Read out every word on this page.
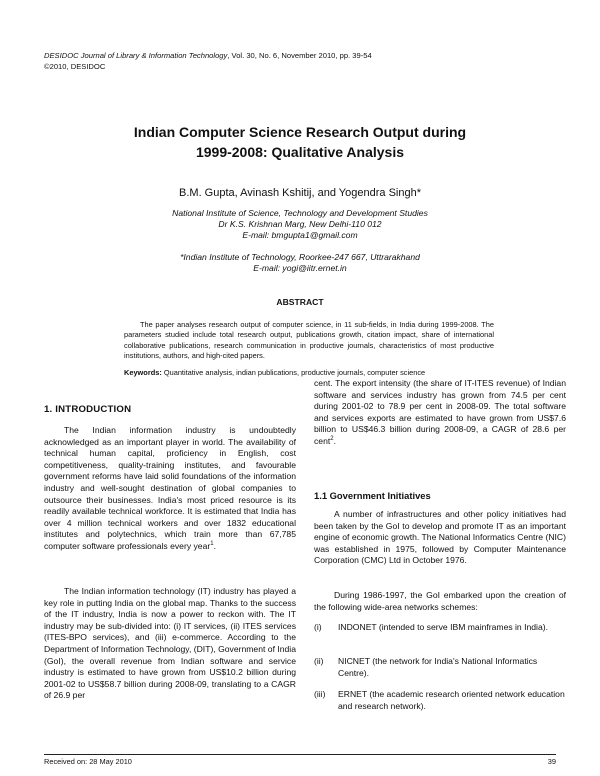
DESIDOC Journal of Library & Information Technology, Vol. 30, No. 6, November 2010, pp. 39-54
©2010, DESIDOC
Indian Computer Science Research Output during
1999-2008: Qualitative Analysis
B.M. Gupta, Avinash Kshitij, and Yogendra Singh*
National Institute of Science, Technology and Development Studies
Dr K.S. Krishnan Marg, New Delhi-110 012
E-mail: bmgupta1@gmail.com
*Indian Institute of Technology, Roorkee-247 667, Uttrarakhand
E-mail: yogi@iitr.ernet.in
ABSTRACT
The paper analyses research output of computer science, in 11 sub-fields, in India during 1999-2008. The parameters studied include total research output, publications growth, citation impact, share of international collaborative publications, research communication in productive journals, characteristics of most productive institutions, authors, and high-cited papers.
Keywords: Quantitative analysis, indian publications, productive journals, computer science
1. INTRODUCTION

The Indian information industry is undoubtedly acknowledged as an important player in world. The availability of technical human capital, proficiency in English, cost competitiveness, quality-training institutes, and favourable government reforms have laid solid foundations of the information industry and well-sought destination of global companies to outsource their businesses. India's most priced resource is its readily available technical workforce. It is estimated that India has over 4 million technical workers and over 1832 educational institutes and polytechnics, which train more than 67,785 computer software professionals every year$^1$.

The Indian information technology (IT) industry has played a key role in putting India on the global map. Thanks to the success of the IT industry, India is now a power to reckon with. The IT industry may be sub-divided into: (i) IT services, (ii) ITES services (ITES-BPO services), and (iii) e-commerce. According to the Department of Information Technology, (DIT), Government of India (GoI), the overall revenue from Indian software and service industry is estimated to have grown from US$10.2 billion during 2001-02 to US$58.7 billion during 2008-09, translating to a CAGR of 26.9 per

cent. The export intensity (the share of IT-ITES revenue) of Indian software and services industry has grown from 74.5 per cent during 2001-02 to 78.9 per cent in 2008-09. The total software and services exports are estimated to have grown from US$7.6 billion to US$46.3 billion during 2008-09, a CAGR of 28.6 per cent$^2$.

1.1 Government Initiatives

A number of infrastructures and other policy initiatives had been taken by the GoI to develop and promote IT as an important engine of economic growth. The National Informatics Centre (NIC) was established in 1975, followed by Computer Maintenance Corporation (CMC) Ltd in October 1976.

During 1986-1997, the GoI embarked upon the creation of the following wide-area networks schemes:

(i) INDONET (intended to serve IBM mainframes in India).
(ii) NICNET (the network for India's National Informatics Centre).
(iii) ERNET (the academic research oriented network education and research network).
Received on: 28 May 2010	39
